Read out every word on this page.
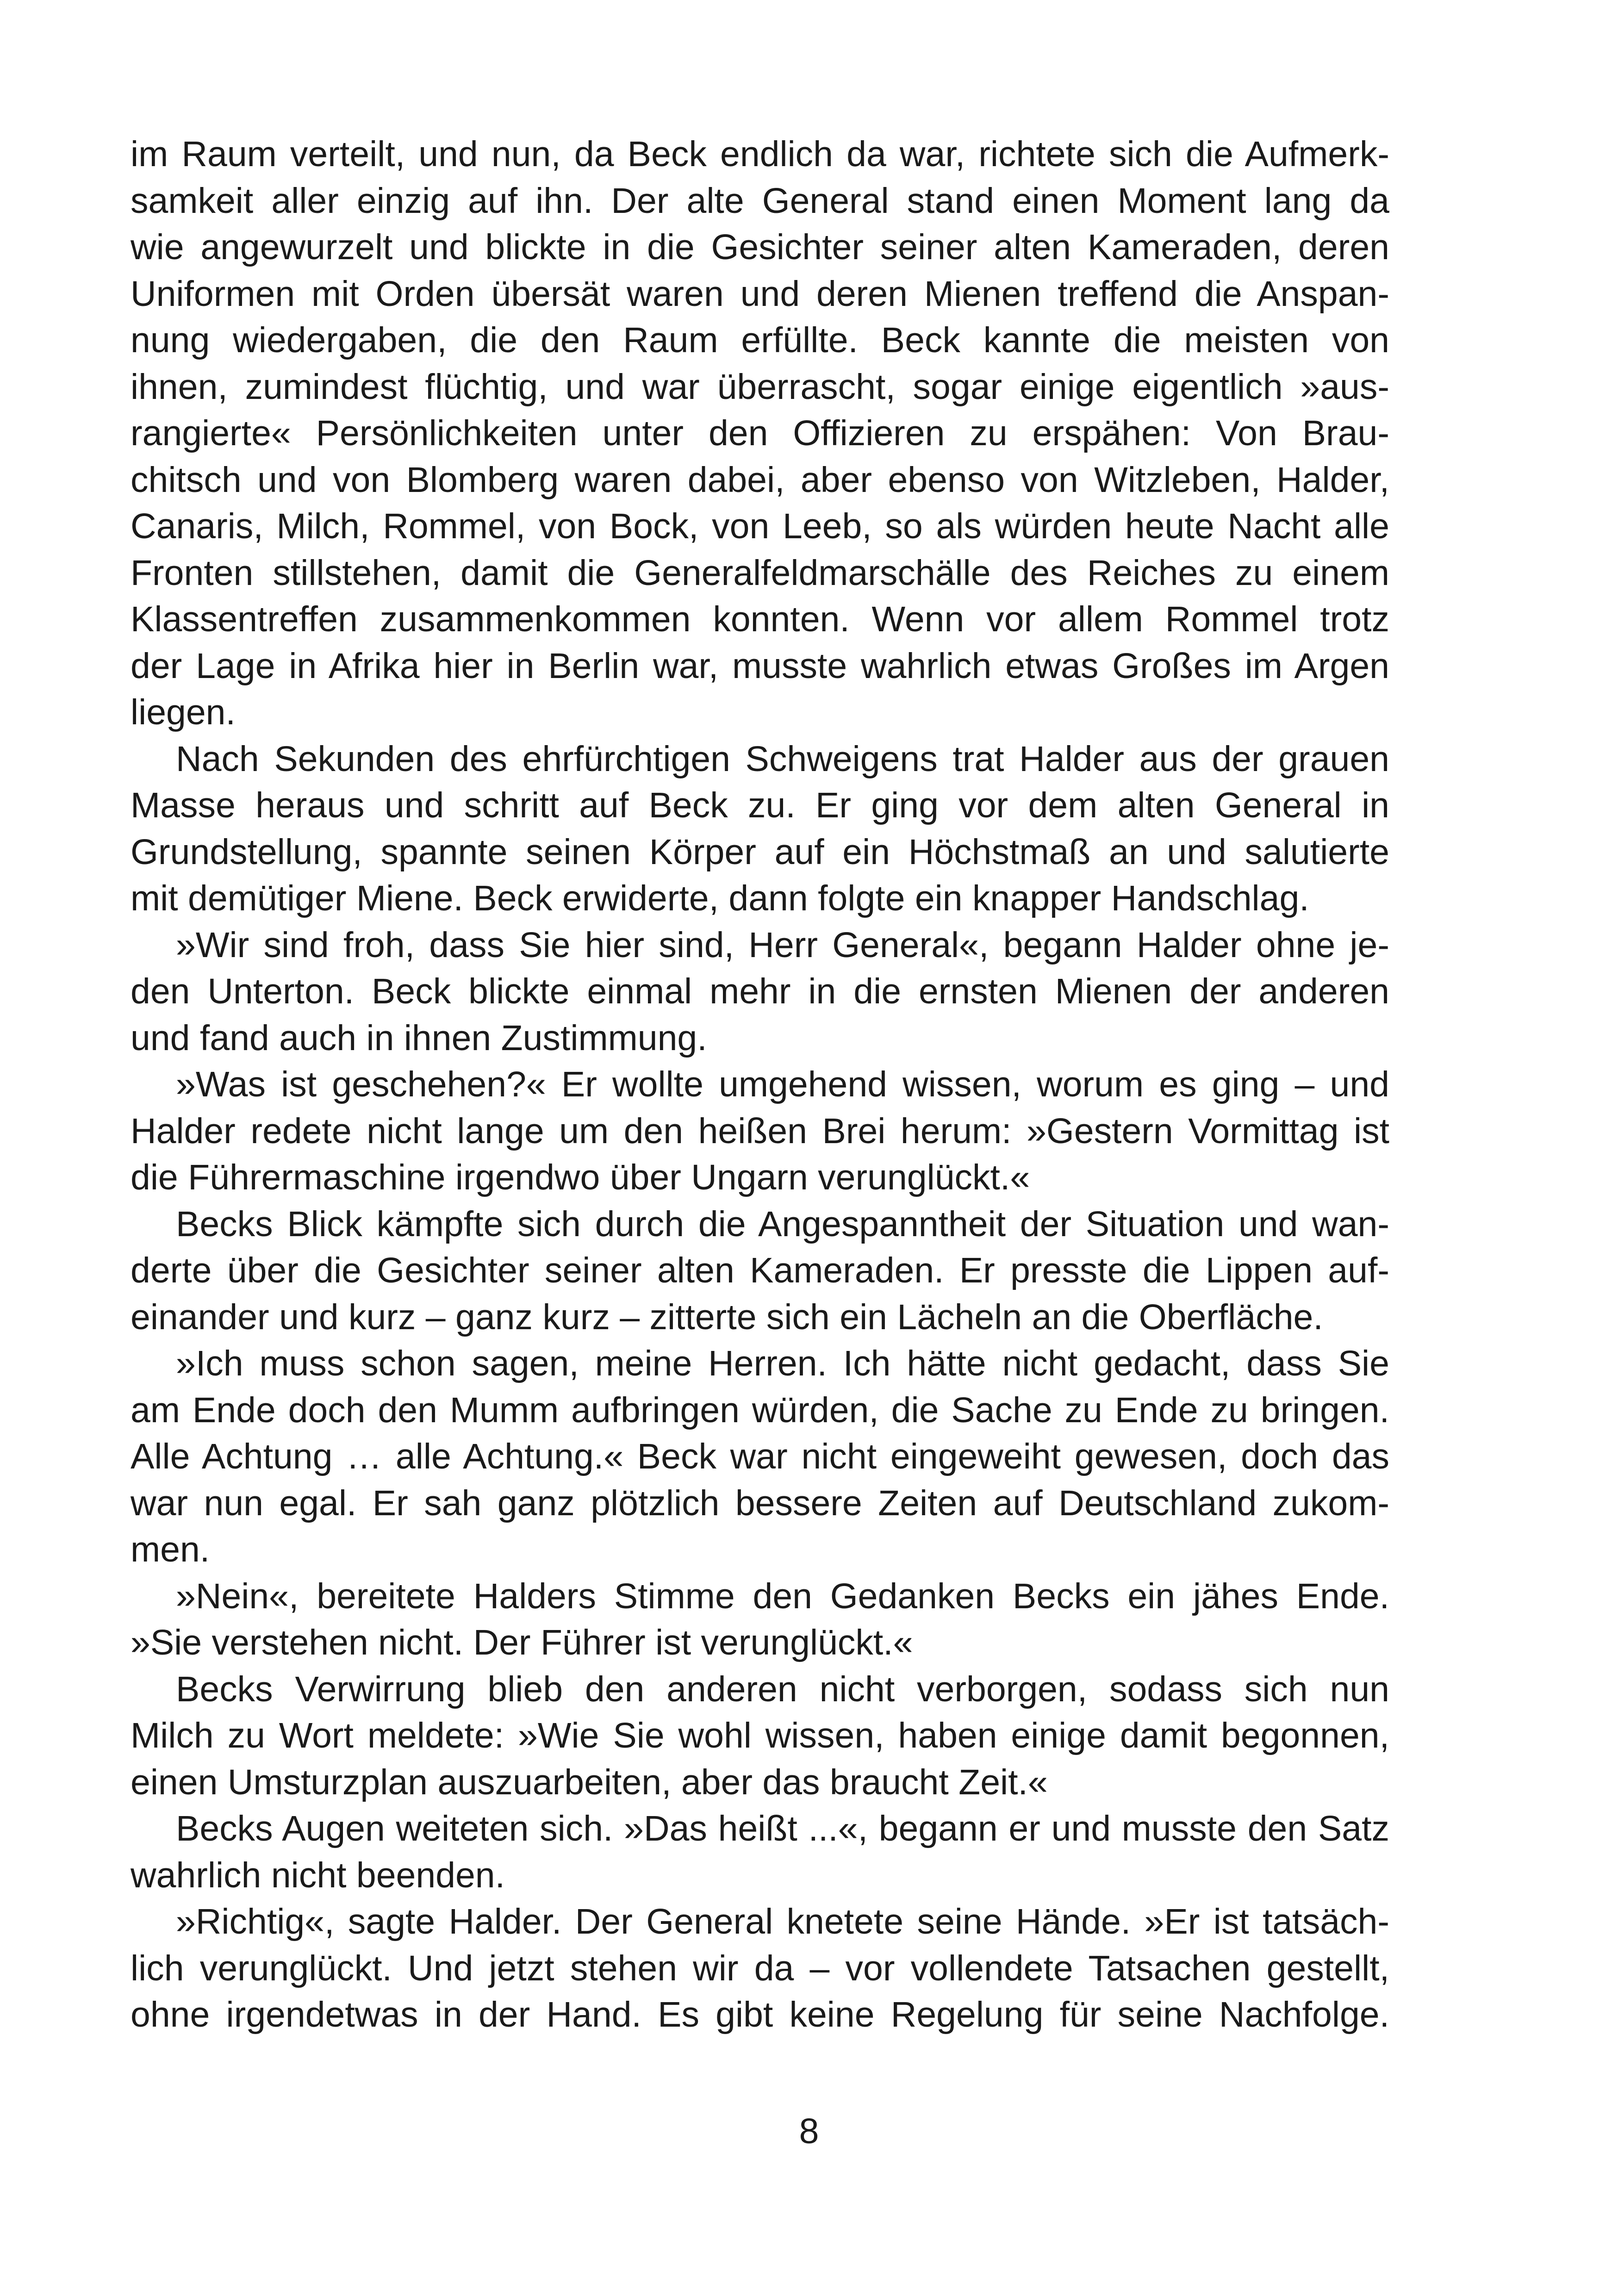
im Raum verteilt, und nun, da Beck endlich da war, richtete sich die Aufmerk-
samkeit aller einzig auf ihn. Der alte General stand einen Moment lang da
wie angewurzelt und blickte in die Gesichter seiner alten Kameraden, deren
Uniformen mit Orden übersät waren und deren Mienen treffend die Anspan-
nung wiedergaben, die den Raum erfüllte. Beck kannte die meisten von
ihnen, zumindest flüchtig, und war überrascht, sogar einige eigentlich »aus-
rangierte« Persönlichkeiten unter den Offizieren zu erspähen: Von Brau-
chitsch und von Blomberg waren dabei, aber ebenso von Witzleben, Halder,
Canaris, Milch, Rommel, von Bock, von Leeb, so als würden heute Nacht alle
Fronten stillstehen, damit die Generalfeldmarschälle des Reiches zu einem
Klassentreffen zusammenkommen konnten. Wenn vor allem Rommel trotz
der Lage in Afrika hier in Berlin war, musste wahrlich etwas Großes im Argen
liegen.
Nach Sekunden des ehrfürchtigen Schweigens trat Halder aus der grauen
Masse heraus und schritt auf Beck zu. Er ging vor dem alten General in
Grundstellung, spannte seinen Körper auf ein Höchstmaß an und salutierte
mit demütiger Miene. Beck erwiderte, dann folgte ein knapper Handschlag.
»Wir sind froh, dass Sie hier sind, Herr General«, begann Halder ohne je-
den Unterton. Beck blickte einmal mehr in die ernsten Mienen der anderen
und fand auch in ihnen Zustimmung.
»Was ist geschehen?« Er wollte umgehend wissen, worum es ging – und
Halder redete nicht lange um den heißen Brei herum: »Gestern Vormittag ist
die Führermaschine irgendwo über Ungarn verunglückt.«
Becks Blick kämpfte sich durch die Angespanntheit der Situation und wan-
derte über die Gesichter seiner alten Kameraden. Er presste die Lippen auf-
einander und kurz – ganz kurz – zitterte sich ein Lächeln an die Oberfläche.
»Ich muss schon sagen, meine Herren. Ich hätte nicht gedacht, dass Sie
am Ende doch den Mumm aufbringen würden, die Sache zu Ende zu bringen.
Alle Achtung … alle Achtung.« Beck war nicht eingeweiht gewesen, doch das
war nun egal. Er sah ganz plötzlich bessere Zeiten auf Deutschland zukom-
men.
»Nein«, bereitete Halders Stimme den Gedanken Becks ein jähes Ende.
»Sie verstehen nicht. Der Führer ist verunglückt.«
Becks Verwirrung blieb den anderen nicht verborgen, sodass sich nun
Milch zu Wort meldete: »Wie Sie wohl wissen, haben einige damit begonnen,
einen Umsturzplan auszuarbeiten, aber das braucht Zeit.«
Becks Augen weiteten sich. »Das heißt ...«, begann er und musste den Satz
wahrlich nicht beenden.
»Richtig«, sagte Halder. Der General knetete seine Hände. »Er ist tatsäch-
lich verunglückt. Und jetzt stehen wir da – vor vollendete Tatsachen gestellt,
ohne irgendetwas in der Hand. Es gibt keine Regelung für seine Nachfolge.
8
